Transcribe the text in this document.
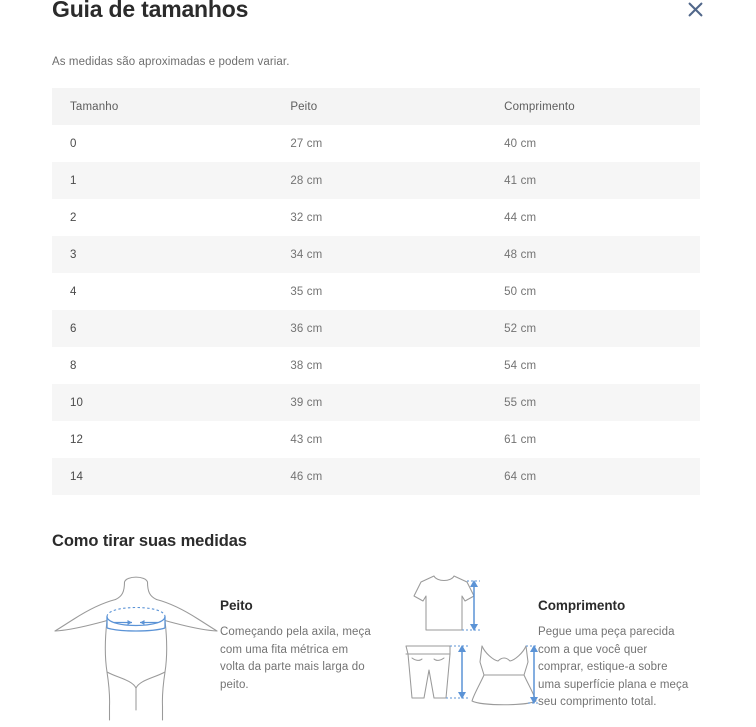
Guia de tamanhos
As medidas são aproximadas e podem variar.
Tamanho	Peito	Comprimento
0	27 cm	40 cm
1	28 cm	41 cm
2	32 cm	44 cm
3	34 cm	48 cm
4	35 cm	50 cm
6	36 cm	52 cm
8	38 cm	54 cm
10	39 cm	55 cm
12	43 cm	61 cm
14	46 cm	64 cm
Como tirar suas medidas
Peito

Começando pela axila, meça com uma fita métrica em volta da parte mais larga do peito.

Comprimento

Pegue uma peça parecida com a que você quer comprar, estique-a sobre uma superfície plana e meça seu comprimento total.
